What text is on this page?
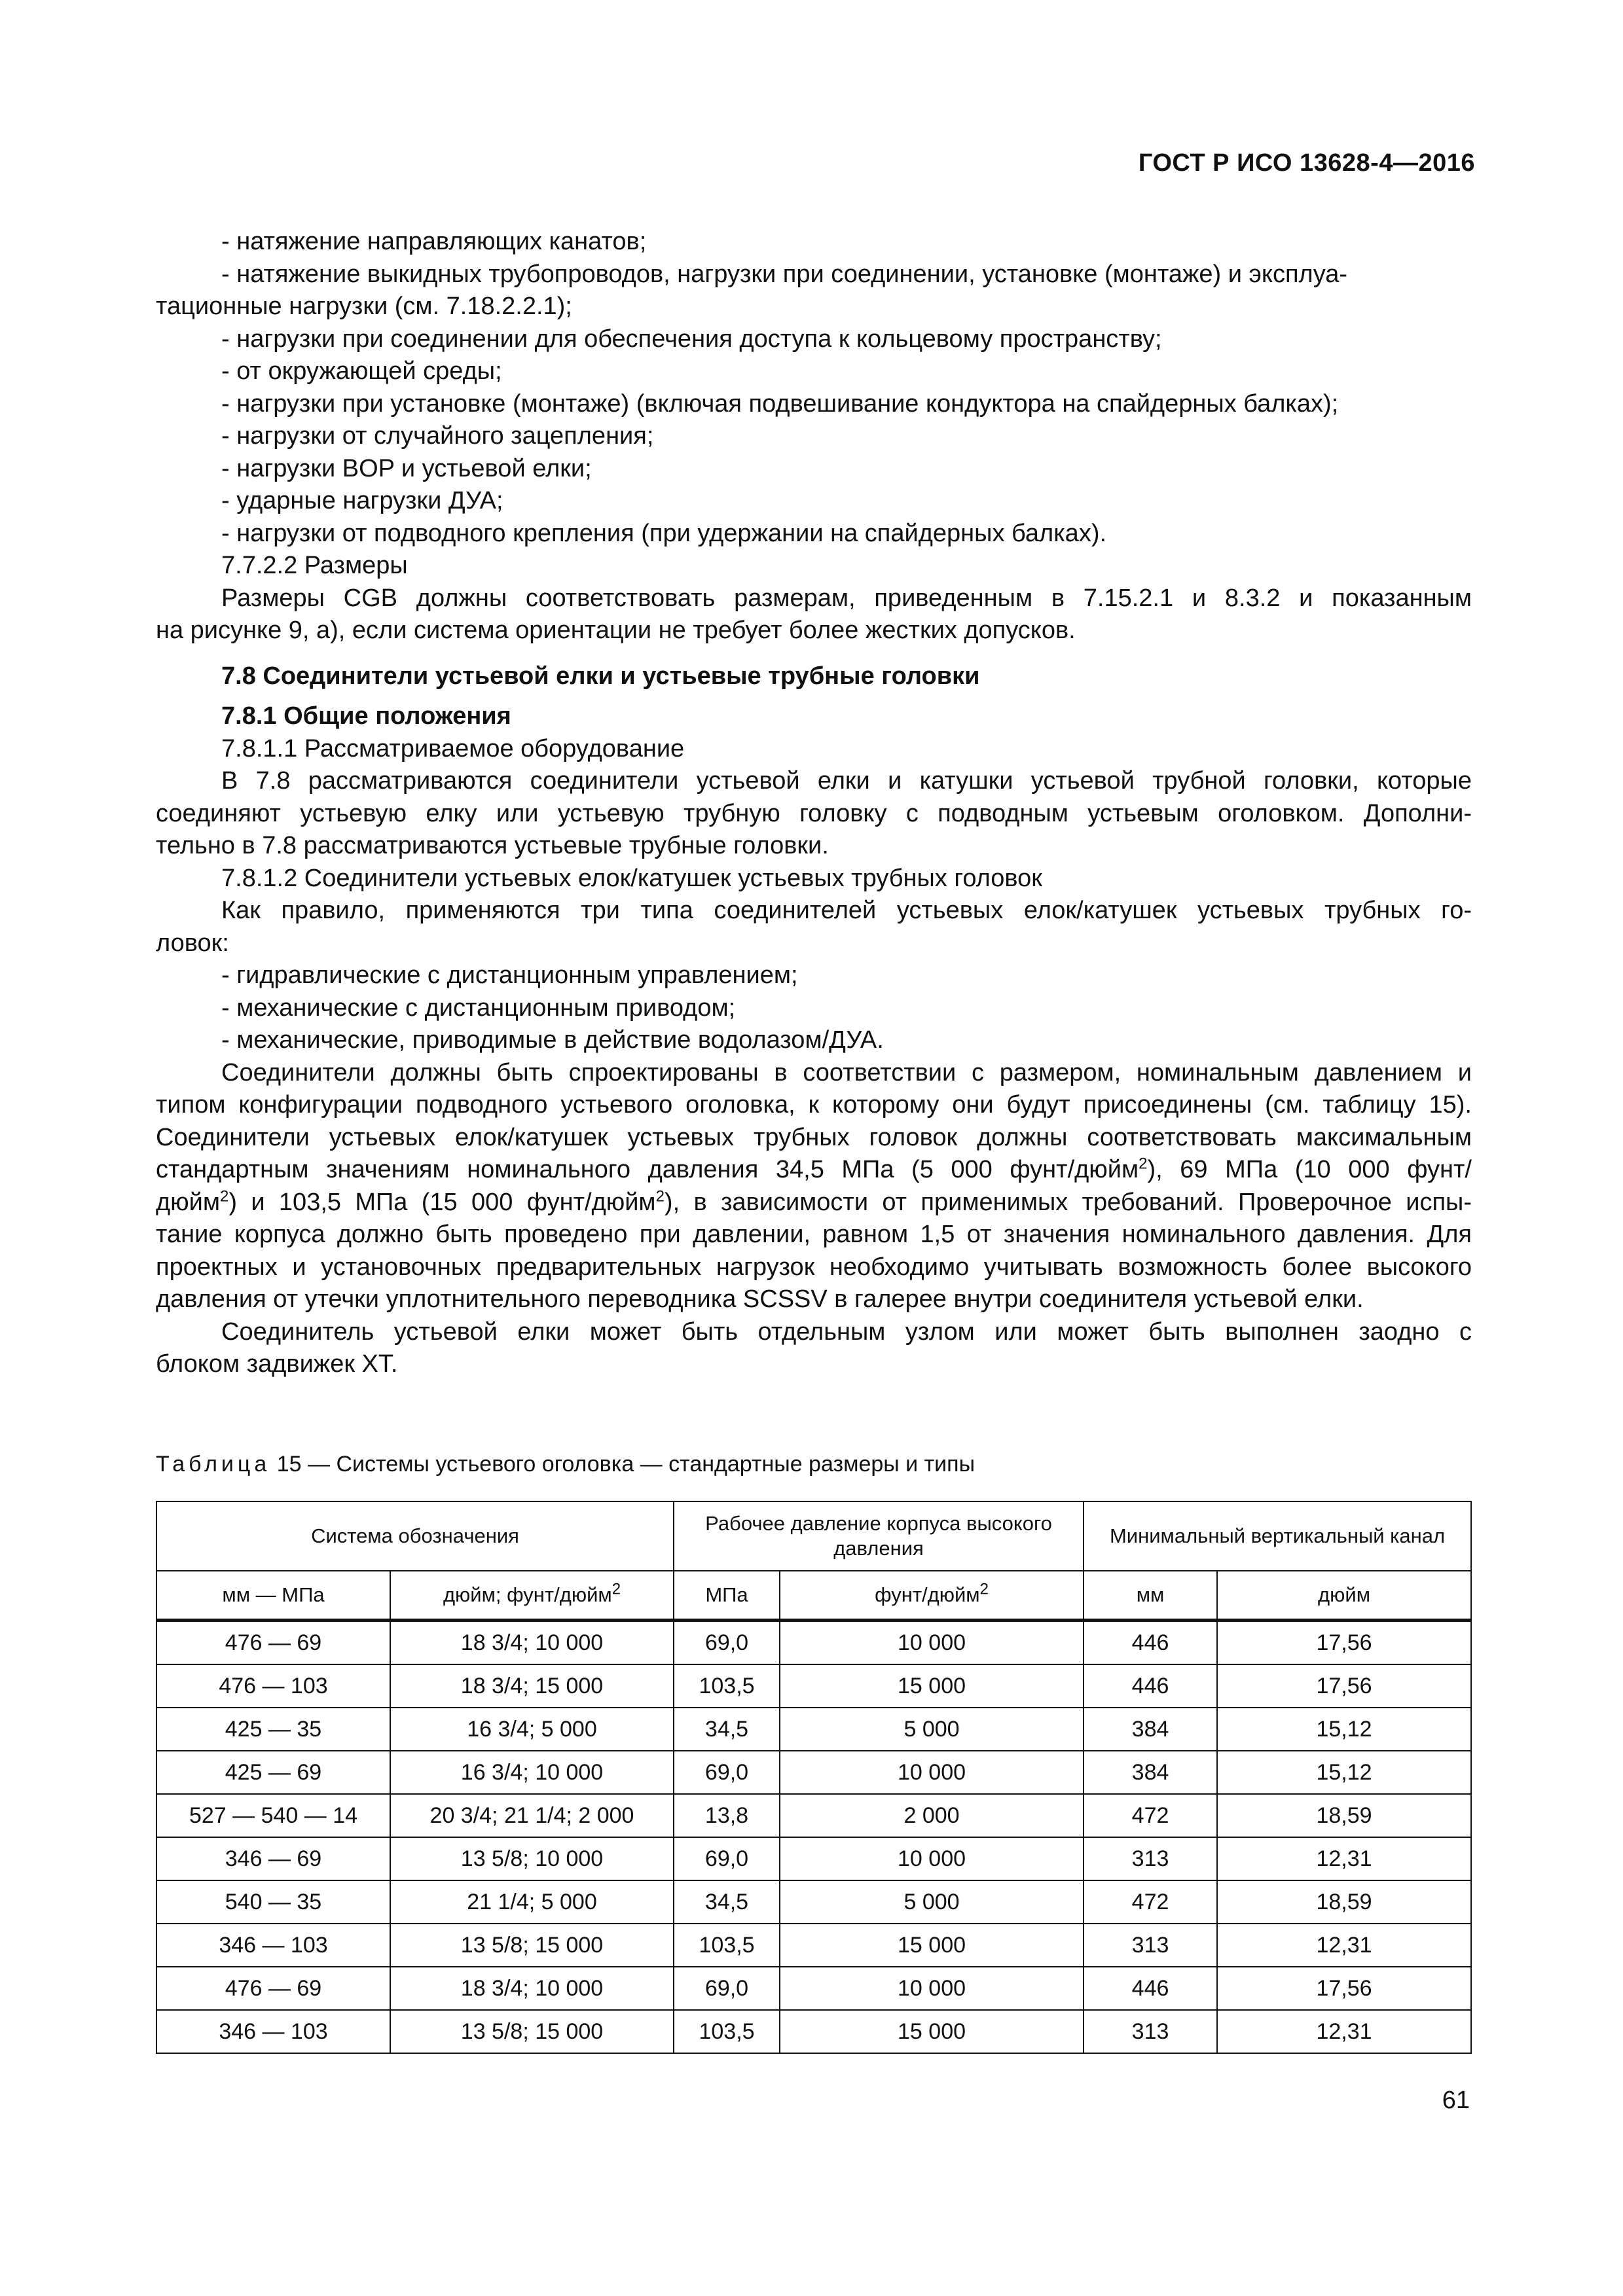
ГОСТ Р ИСО 13628-4—2016
- натяжение направляющих канатов;
- натяжение выкидных трубопроводов, нагрузки при соединении, установке (монтаже) и эксплуа-
тационные нагрузки (см. 7.18.2.2.1);
- нагрузки при соединении для обеспечения доступа к кольцевому пространству;
- от окружающей среды;
- нагрузки при установке (монтаже) (включая подвешивание кондуктора на спайдерных балках);
- нагрузки от случайного зацепления;
- нагрузки BOP и устьевой елки;
- ударные нагрузки ДУА;
- нагрузки от подводного крепления (при удержании на спайдерных балках).
7.7.2.2 Размеры
Размеры CGB должны соответствовать размерам, приведенным в 7.15.2.1 и 8.3.2 и показанным
на рисунке 9, а), если система ориентации не требует более жестких допусков.
7.8 Соединители устьевой елки и устьевые трубные головки
7.8.1 Общие положения
7.8.1.1 Рассматриваемое оборудование
В 7.8 рассматриваются соединители устьевой елки и катушки устьевой трубной головки, которые
соединяют устьевую елку или устьевую трубную головку с подводным устьевым оголовком. Дополни-
тельно в 7.8 рассматриваются устьевые трубные головки.
7.8.1.2 Соединители устьевых елок/катушек устьевых трубных головок
Как правило, применяются три типа соединителей устьевых елок/катушек устьевых трубных го-
ловок:
- гидравлические с дистанционным управлением;
- механические с дистанционным приводом;
- механические, приводимые в действие водолазом/ДУА.
Соединители должны быть спроектированы в соответствии с размером, номинальным давлением и
типом конфигурации подводного устьевого оголовка, к которому они будут присоединены (см. таблицу 15).
Соединители устьевых елок/катушек устьевых трубных головок должны соответствовать максимальным
стандартным значениям номинального давления 34,5 МПа (5 000 фунт/дюйм$^2$), 69 МПа (10 000 фунт/
дюйм$^2$) и 103,5 МПа (15 000 фунт/дюйм$^2$), в зависимости от применимых требований. Проверочное испы-
тание корпуса должно быть проведено при давлении, равном 1,5 от значения номинального давления. Для
проектных и установочных предварительных нагрузок необходимо учитывать возможность более высокого
давления от утечки уплотнительного переводника SCSSV в галерее внутри соединителя устьевой елки.
Соединитель устьевой елки может быть отдельным узлом или может быть выполнен заодно с
блоком задвижек XT.
Таблица 15 — Системы устьевого оголовка — стандартные размеры и типы
Система обозначения		Рабочее давление корпуса высокого давления		Минимальный вертикальный канал	
мм — МПа	дюйм; фунт/дюйм$^2$	МПа	фунт/дюйм$^2$	мм	дюйм
476 — 69	18 3/4; 10 000	69,0	10 000	446	17,56
476 — 103	18 3/4; 15 000	103,5	15 000	446	17,56
425 — 35	16 3/4; 5 000	34,5	5 000	384	15,12
425 — 69	16 3/4; 10 000	69,0	10 000	384	15,12
527 — 540 — 14	20 3/4; 21 1/4; 2 000	13,8	2 000	472	18,59
346 — 69	13 5/8; 10 000	69,0	10 000	313	12,31
540 — 35	21 1/4; 5 000	34,5	5 000	472	18,59
346 — 103	13 5/8; 15 000	103,5	15 000	313	12,31
476 — 69	18 3/4; 10 000	69,0	10 000	446	17,56
346 — 103	13 5/8; 15 000	103,5	15 000	313	12,31
61
